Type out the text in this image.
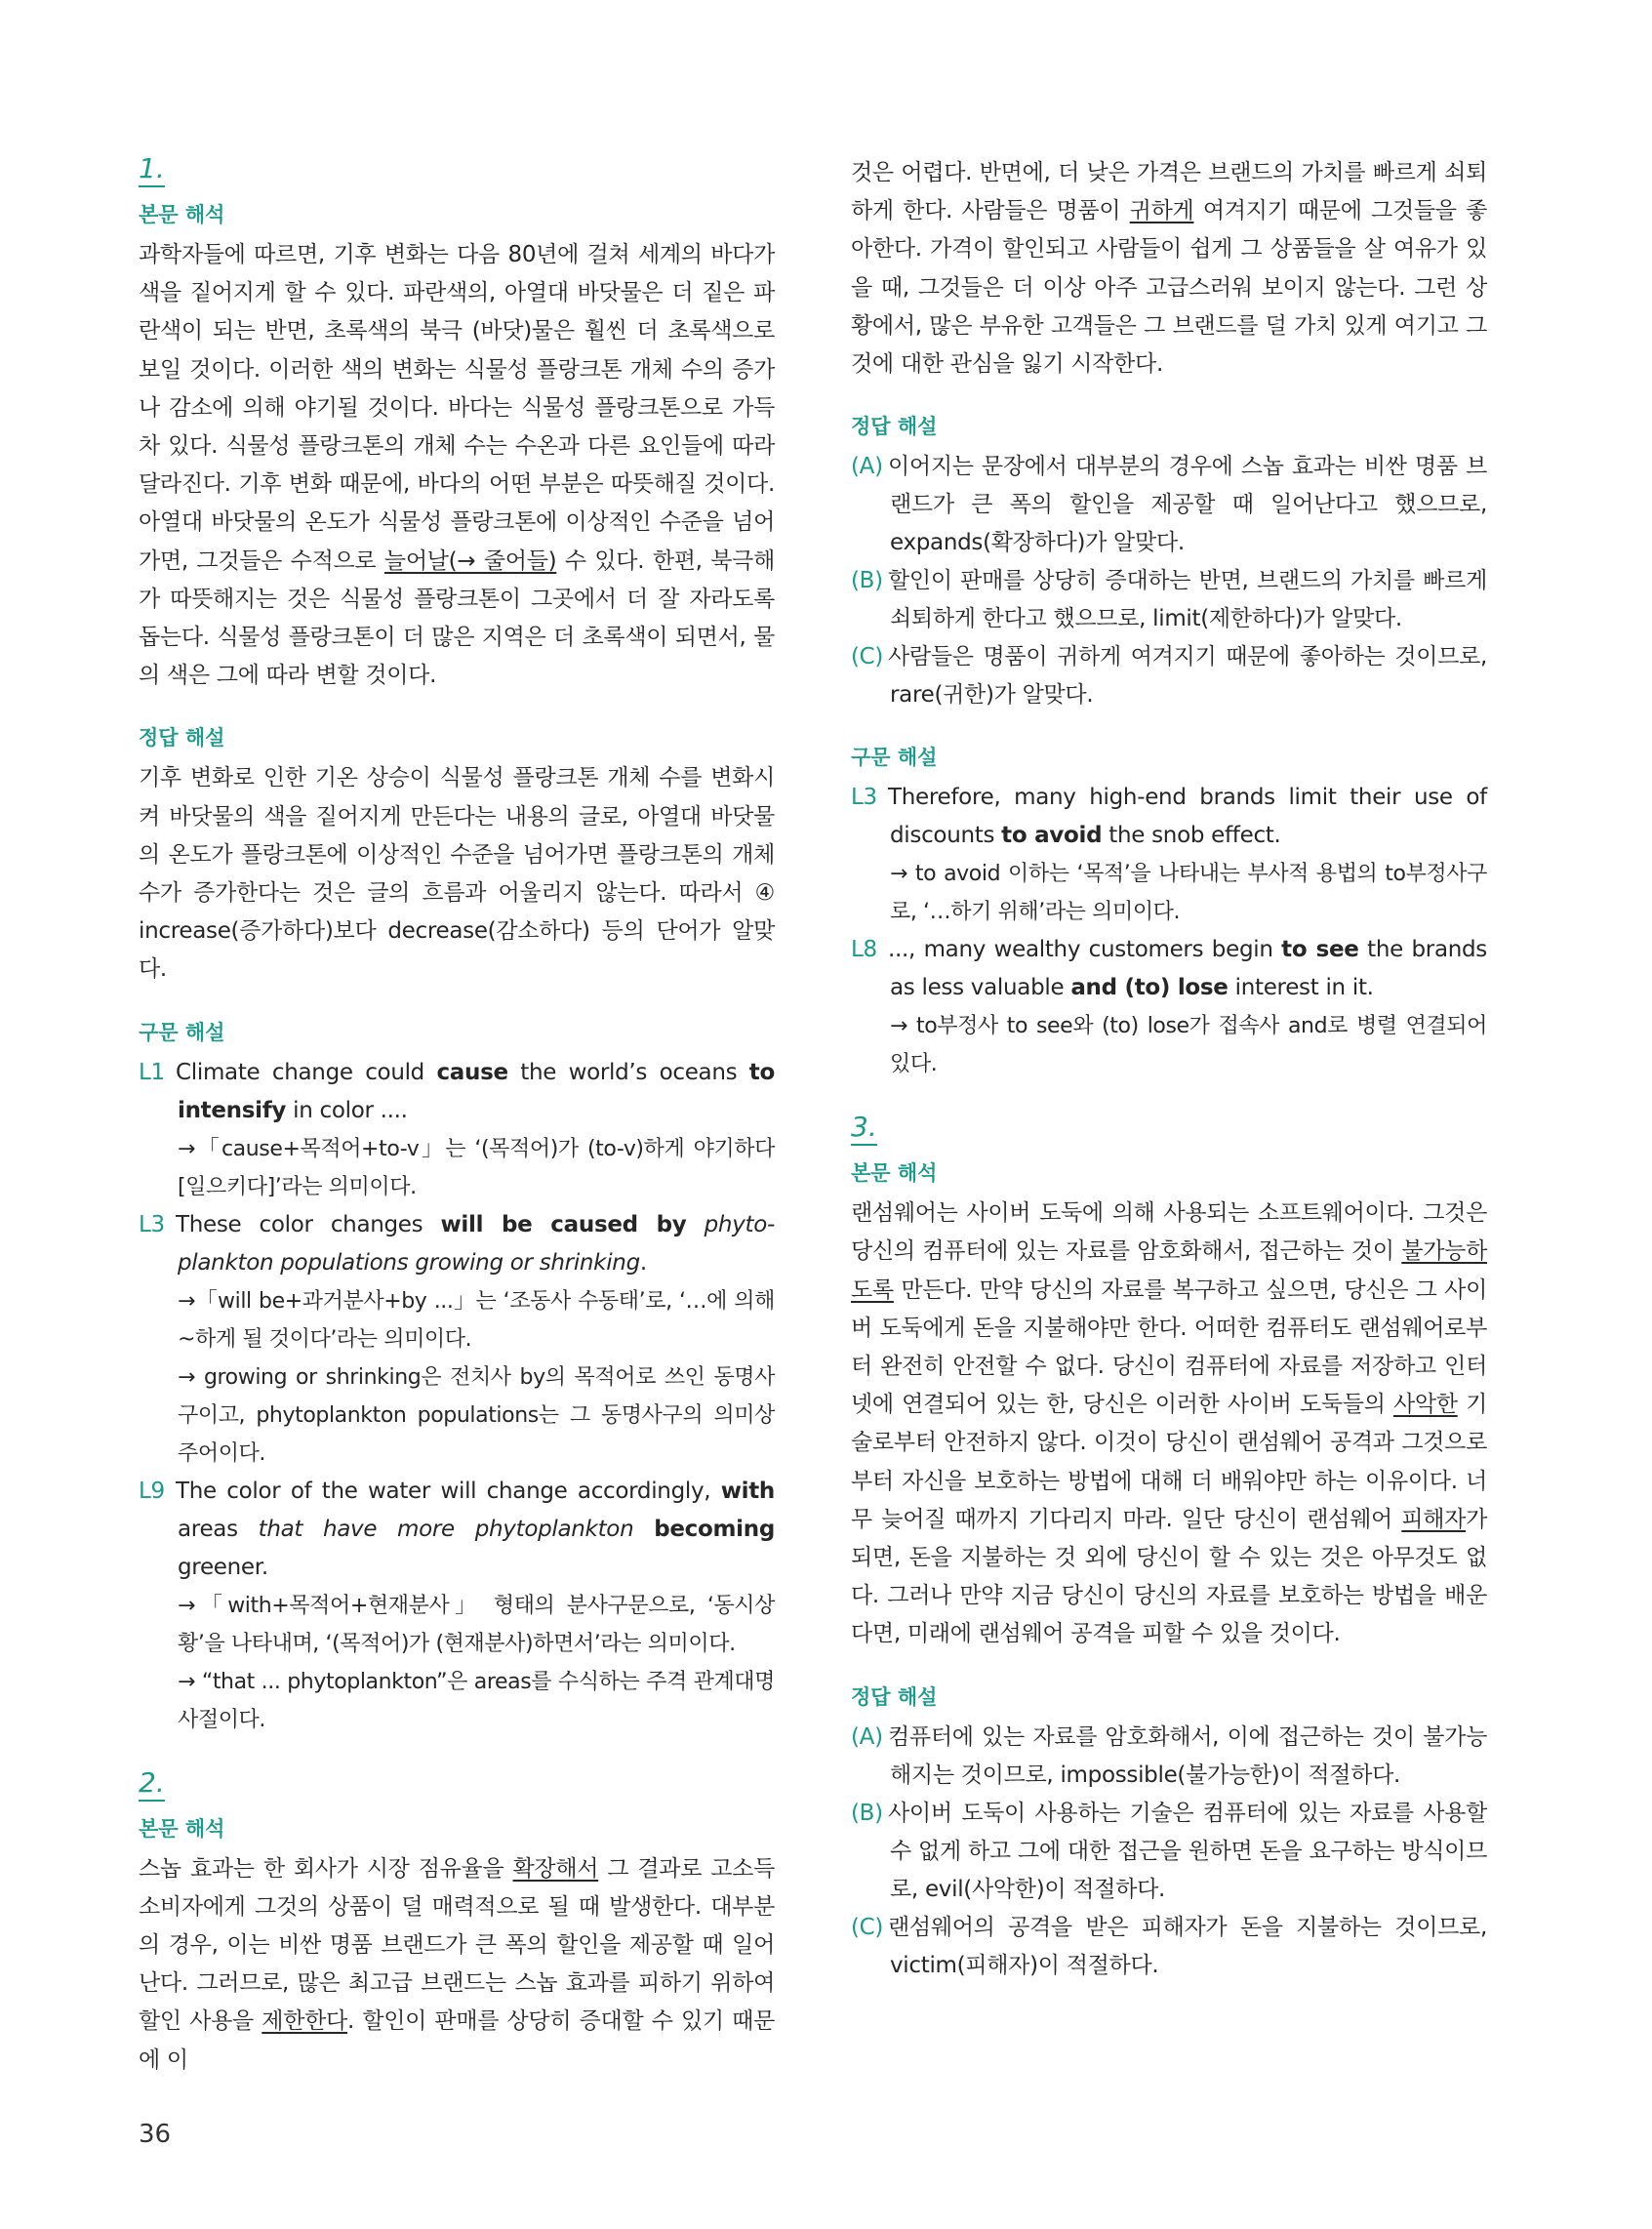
1.
본문 해석
과학자들에 따르면, 기후 변화는 다음 80년에 걸쳐 세계의 바다가 색을 짙어지게 할 수 있다. 파란색의, 아열대 바닷물은 더 짙은 파란색이 되는 반면, 초록색의 북극 (바닷)물은 훨씬 더 초록색으로 보일 것이다. 이러한 색의 변화는 식물성 플랑크톤 개체 수의 증가나 감소에 의해 야기될 것이다. 바다는 식물성 플랑크톤으로 가득 차 있다. 식물성 플랑크톤의 개체 수는 수온과 다른 요인들에 따라 달라진다. 기후 변화 때문에, 바다의 어떤 부분은 따뜻해질 것이다. 아열대 바닷물의 온도가 식물성 플랑크톤에 이상적인 수준을 넘어가면, 그것들은 수적으로 늘어날(→ 줄어들) 수 있다. 한편, 북극해가 따뜻해지는 것은 식물성 플랑크톤이 그곳에서 더 잘 자라도록 돕는다. 식물성 플랑크톤이 더 많은 지역은 더 초록색이 되면서, 물의 색은 그에 따라 변할 것이다.
정답 해설
기후 변화로 인한 기온 상승이 식물성 플랑크톤 개체 수를 변화시켜 바닷물의 색을 짙어지게 만든다는 내용의 글로, 아열대 바닷물의 온도가 플랑크톤에 이상적인 수준을 넘어가면 플랑크톤의 개체 수가 증가한다는 것은 글의 흐름과 어울리지 않는다. 따라서 ④ increase(증가하다)보다 decrease(감소하다) 등의 단어가 알맞다.
구문 해설
L1 Climate change could cause the world’s oceans to intensify in color ....
→「cause+목적어+to-v」는 ‘(목적어)가 (to-v)하게 야기하다[일으키다]’라는 의미이다.
L3 These color changes will be caused by phyto-plankton populations growing or shrinking.
→「will be+과거분사+by ...」는 ‘조동사 수동태’로, ‘…에 의해 ~하게 될 것이다’라는 의미이다.
→ growing or shrinking은 전치사 by의 목적어로 쓰인 동명사구이고, phytoplankton populations는 그 동명사구의 의미상 주어이다.
L9 The color of the water will change accordingly, with areas that have more phytoplankton becoming greener.
→「with+목적어+현재분사」 형태의 분사구문으로, ‘동시상황’을 나타내며, ‘(목적어)가 (현재분사)하면서’라는 의미이다.
→ “that ... phytoplankton”은 areas를 수식하는 주격 관계대명사절이다.
2.
본문 해석
스놉 효과는 한 회사가 시장 점유율을 확장해서 그 결과로 고소득 소비자에게 그것의 상품이 덜 매력적으로 될 때 발생한다. 대부분의 경우, 이는 비싼 명품 브랜드가 큰 폭의 할인을 제공할 때 일어난다. 그러므로, 많은 최고급 브랜드는 스놉 효과를 피하기 위하여 할인 사용을 제한한다. 할인이 판매를 상당히 증대할 수 있기 때문에 이
것은 어렵다. 반면에, 더 낮은 가격은 브랜드의 가치를 빠르게 쇠퇴하게 한다. 사람들은 명품이 귀하게 여겨지기 때문에 그것들을 좋아한다. 가격이 할인되고 사람들이 쉽게 그 상품들을 살 여유가 있을 때, 그것들은 더 이상 아주 고급스러워 보이지 않는다. 그런 상황에서, 많은 부유한 고객들은 그 브랜드를 덜 가치 있게 여기고 그것에 대한 관심을 잃기 시작한다.
정답 해설
(A) 이어지는 문장에서 대부분의 경우에 스놉 효과는 비싼 명품 브랜드가 큰 폭의 할인을 제공할 때 일어난다고 했으므로, expands(확장하다)가 알맞다.
(B) 할인이 판매를 상당히 증대하는 반면, 브랜드의 가치를 빠르게 쇠퇴하게 한다고 했으므로, limit(제한하다)가 알맞다.
(C) 사람들은 명품이 귀하게 여겨지기 때문에 좋아하는 것이므로, rare(귀한)가 알맞다.
구문 해설
L3 Therefore, many high-end brands limit their use of discounts to avoid the snob effect.
→ to avoid 이하는 ‘목적’을 나타내는 부사적 용법의 to부정사구로, ‘…하기 위해’라는 의미이다.
L8 ..., many wealthy customers begin to see the brands as less valuable and (to) lose interest in it.
→ to부정사 to see와 (to) lose가 접속사 and로 병렬 연결되어 있다.
3.
본문 해석
랜섬웨어는 사이버 도둑에 의해 사용되는 소프트웨어이다. 그것은 당신의 컴퓨터에 있는 자료를 암호화해서, 접근하는 것이 불가능하도록 만든다. 만약 당신의 자료를 복구하고 싶으면, 당신은 그 사이버 도둑에게 돈을 지불해야만 한다. 어떠한 컴퓨터도 랜섬웨어로부터 완전히 안전할 수 없다. 당신이 컴퓨터에 자료를 저장하고 인터넷에 연결되어 있는 한, 당신은 이러한 사이버 도둑들의 사악한 기술로부터 안전하지 않다. 이것이 당신이 랜섬웨어 공격과 그것으로부터 자신을 보호하는 방법에 대해 더 배워야만 하는 이유이다. 너무 늦어질 때까지 기다리지 마라. 일단 당신이 랜섬웨어 피해자가 되면, 돈을 지불하는 것 외에 당신이 할 수 있는 것은 아무것도 없다. 그러나 만약 지금 당신이 당신의 자료를 보호하는 방법을 배운다면, 미래에 랜섬웨어 공격을 피할 수 있을 것이다.
정답 해설
(A) 컴퓨터에 있는 자료를 암호화해서, 이에 접근하는 것이 불가능해지는 것이므로, impossible(불가능한)이 적절하다.
(B) 사이버 도둑이 사용하는 기술은 컴퓨터에 있는 자료를 사용할 수 없게 하고 그에 대한 접근을 원하면 돈을 요구하는 방식이므로, evil(사악한)이 적절하다.
(C) 랜섬웨어의 공격을 받은 피해자가 돈을 지불하는 것이므로, victim(피해자)이 적절하다.
36
